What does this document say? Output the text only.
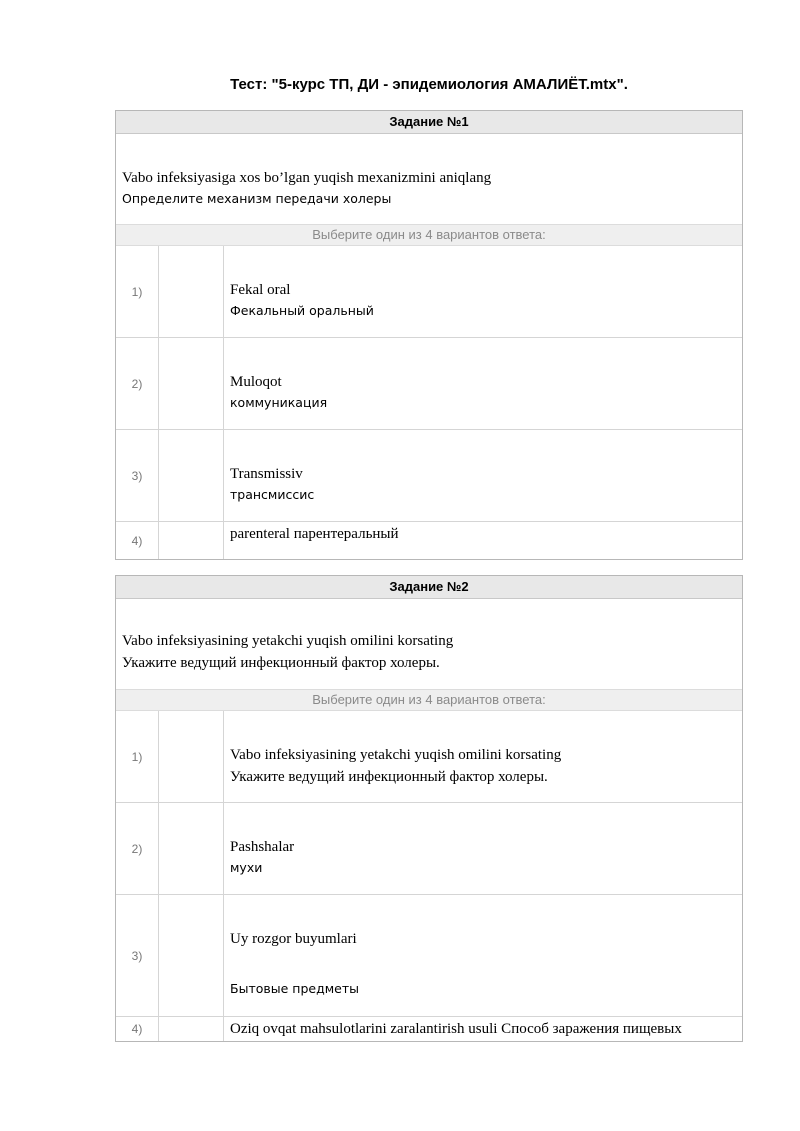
Тест: "5-курс ТП, ДИ - эпидемиология АМАЛИЁТ.mtx".
Задание №1
Vabo infeksiyasiga xos bo’lgan yuqish mexanizmini aniqlang
Определите механизм передачи холеры
Выберите один из 4 вариантов ответа:
1)	Fekal oral
Фекальный оральный
2)	Muloqot
коммуникация
3)	Transmissiv
трансмиссис
4)	parenteral парентеральный
Задание №2
Vabo infeksiyasining yetakchi yuqish omilini korsating
Укажите ведущий инфекционный фактор холеры.
Выберите один из 4 вариантов ответа:
1)	Vabo infeksiyasining yetakchi yuqish omilini korsating
Укажите ведущий инфекционный фактор холеры.
2)	Pashshalar
мухи
3)
Uy rozgor buyumlari
Бытовые предметы
4)	Oziq ovqat mahsulotlarini zaralantirish usuli Способ заражения пищевых
